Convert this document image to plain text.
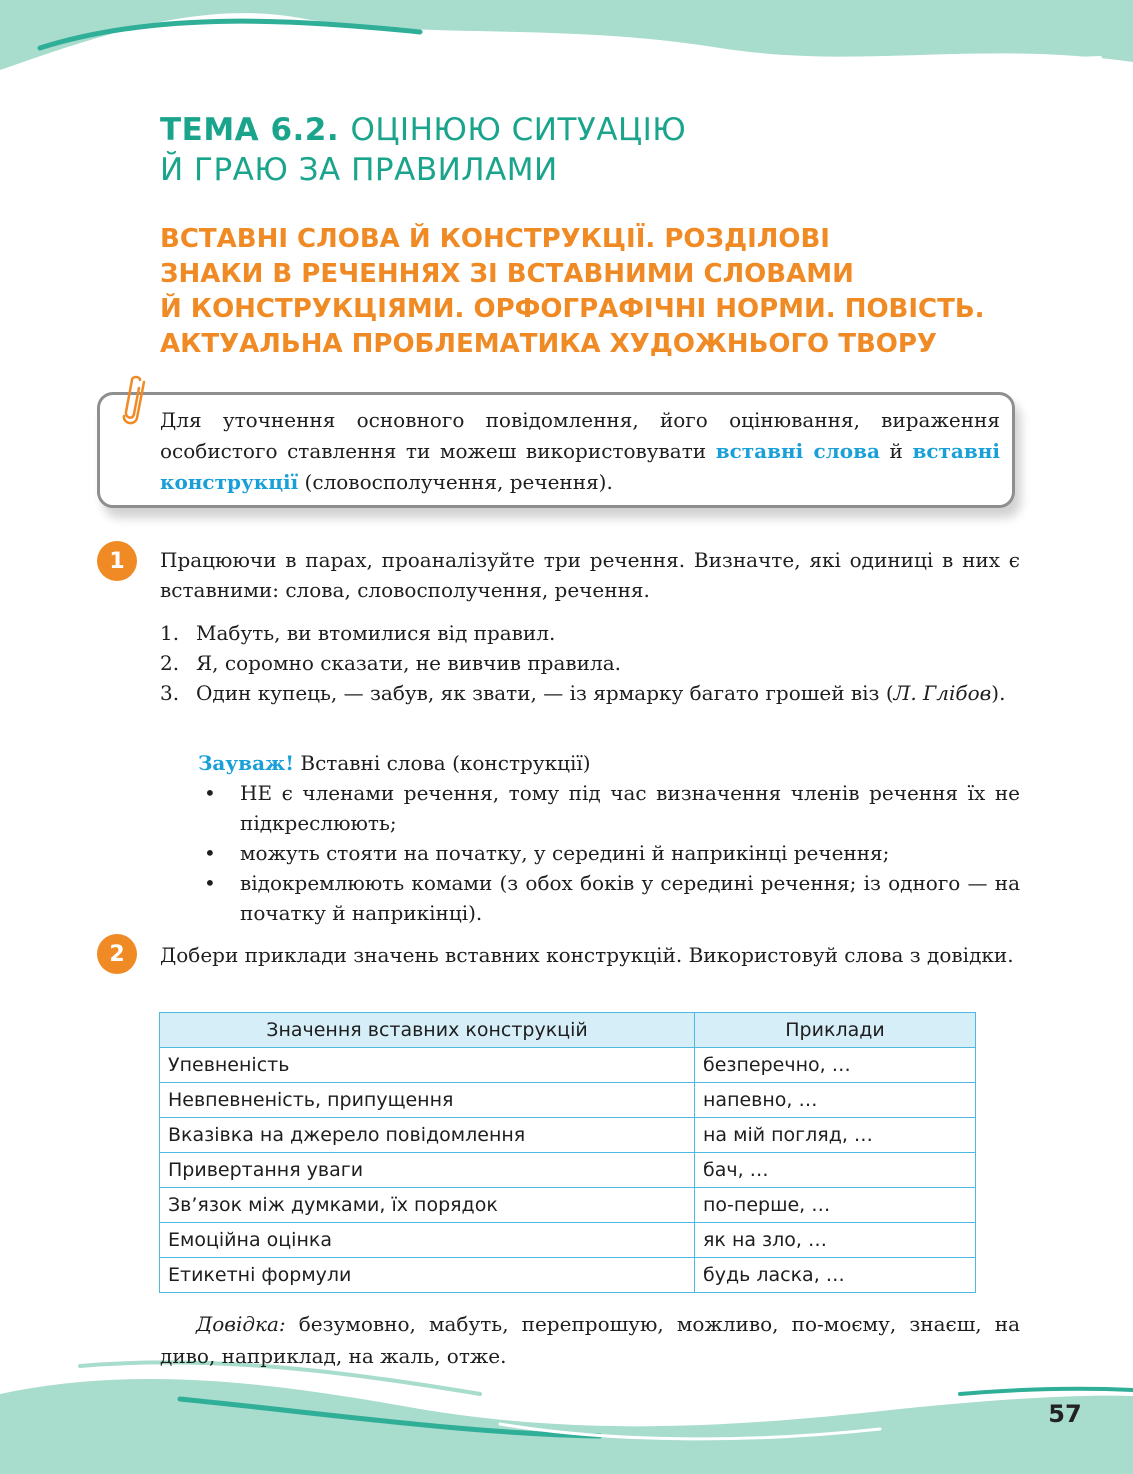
ТЕМА 6.2. ОЦІНЮЮ СИТУАЦІЮ
Й ГРАЮ ЗА ПРАВИЛАМИ
ВСТАВНІ СЛОВА Й КОНСТРУКЦІЇ. РОЗДІЛОВІ
ЗНАКИ В РЕЧЕННЯХ ЗІ ВСТАВНИМИ СЛОВАМИ
Й КОНСТРУКЦІЯМИ. ОРФОГРАФІЧНІ НОРМИ. ПОВІСТЬ.
АКТУАЛЬНА ПРОБЛЕМАТИКА ХУДОЖНЬОГО ТВОРУ
Для уточнення основного повідомлення, його оцінювання, вираження особистого ставлення ти можеш використовувати вставні слова й вставні конструкції (словосполучення, речення).
1	Працюючи в парах, проаналізуйте три речення. Визначте, які одиниці в них є вставними: слова, словосполучення, речення.

1. Мабуть, ви втомилися від правил.
2. Я, соромно сказати, не вивчив правила.
3. Один купець, — забув, як звати, — із ярмарку багато грошей віз (Л. Глібов).
Зауваж! Вставні слова (конструкції)
• НЕ є членами речення, тому під час визначення членів речення їх не підкреслюють;
• можуть стояти на початку, у середині й наприкінці речення;
• відокремлюють комами (з обох боків у середині речення; із одного — на початку й наприкінці).
2	Добери приклади значень вставних конструкцій. Використовуй слова з довідки.

Значення вставних конструкцій	Приклади
Упевненість	безперечно, …
Невпевненість, припущення	напевно, …
Вказівка на джерело повідомлення	на мій погляд, …
Привертання уваги	бач, …
Зв’язок між думками, їх порядок	по-перше, …
Емоційна оцінка	як на зло, …
Етикетні формули	будь ласка, …

Довідка: безумовно, мабуть, перепрошую, можливо, по-моєму, знаєш, на диво, наприклад, на жаль, отже.

57
